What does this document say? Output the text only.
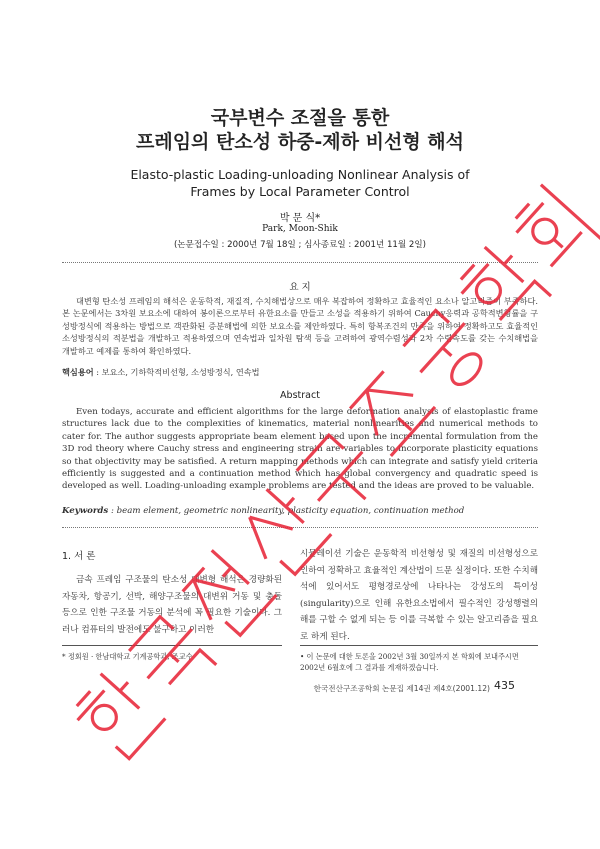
국부변수 조절을 통한
프레임의 탄소성 하중-제하 비선형 해석
Elasto-plastic Loading-unloading Nonlinear Analysis of
Frames by Local Parameter Control
박 문 식*
Park, Moon-Shik
(논문접수일 : 2000년 7월 18일 ; 심사종료일 : 2001년 11월 2일)
요 지
대변형 탄소성 프레임의 해석은 운동학적, 재질적, 수치해법상으로 매우 복잡하여 정확하고 효율적인 요소나 알고리즘이 부족하다. 본 논문에서는 3차원 보요소에 대하여 봉이론으로부터 유한요소를 만들고 소성을 적용하기 위하여 Cauchy응력과 공학적변형률을 구성방정식에 적용하는 방법으로 객관화된 증분해법에 의한 보요소를 제안하였다. 특히 항복조건의 만족을 위하여 정확하고도 효율적인 소성방정식의 적분법을 개발하고 적용하였으며 연속법과 일차원 탐색 등을 고려하여 광역수렴성과 2차 수렴속도를 갖는 수치해법을 개발하고 예제를 통하여 확인하였다.
핵심용어 : 보요소, 기하학적비선형, 소성방정식, 연속법
Abstract
Even todays, accurate and efficient algorithms for the large deformation analysis of elastoplastic frame structures lack due to the complexities of kinematics, material nonlinearities and numerical methods to cater for. The author suggests appropriate beam element based upon the incremental formulation from the 3D rod theory where Cauchy stress and engineering strain are variables to incorporate plasticity equations so that objectivity may be satisfied. A return mapping methods which can integrate and satisfy yield criteria efficiently is suggested and a continuation method which has global convergency and quadratic speed is developed as well. Loading-unloading example problems are tested and the ideas are proved to be valuable.
Keywords : beam element, geometric nonlinearity, plasticity equation, continuation method
1. 서 론
금속 프레임 구조물의 탄소성 대변형 해석은 경량화된 자동차, 항공기, 선박, 해양구조물의 대변위 거동 및 충돌 등으로 인한 구조물 거동의 분석에 꼭 필요한 기술이다. 그러나 컴퓨터의 발전에도 불구하고 이러한
시뮬레이션 기술은 운동학적 비선형성 및 재질의 비선형성으로 인하여 정확하고 효율적인 계산법이 드문 실정이다. 또한 수치해석에 있어서도 평형경로상에 나타나는 강성도의 특이성(singularity)으로 인해 유한요소법에서 필수적인 강성행렬의 해를 구할 수 없게 되는 등 이를 극복할 수 있는 알고리즘을 필요로 하게 된다.
* 정회원 · 한남대학교 기계공학과, 조교수	• 이 논문에 대한 토론을 2002년 3월 30일까지 본 학회에 보내주시면 2002년 6월호에 그 결과를 게재하겠습니다.
한국전산구조공학회 논문집 제14권 제4호(2001.12) 435
